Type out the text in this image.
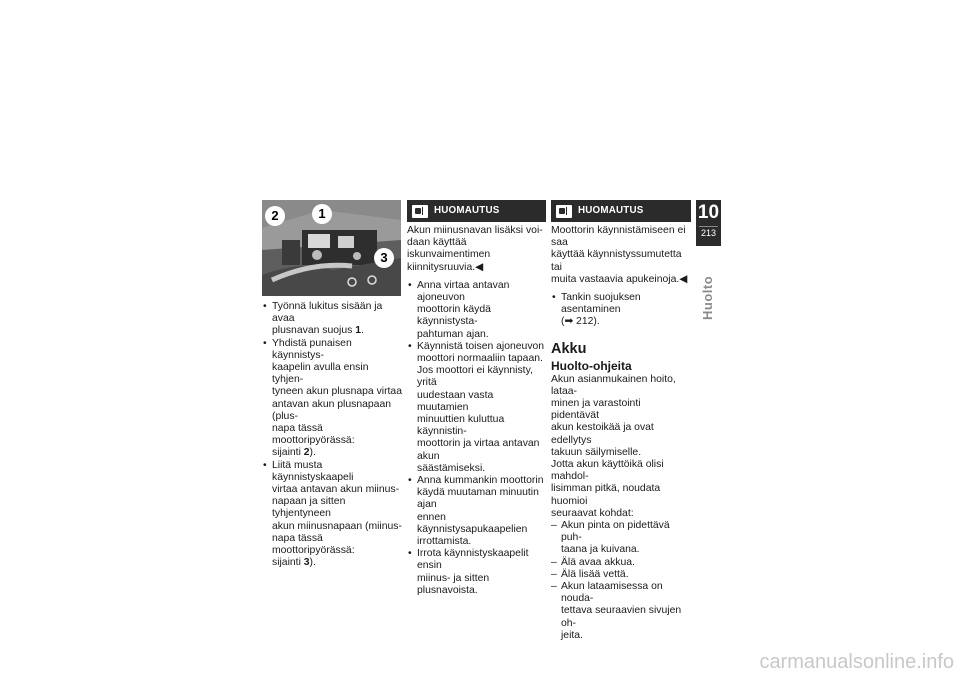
2	1
3
• Työnnä lukitus sisään ja avaa
plusnavan suojus 1.
• Yhdistä punaisen käynnistys-
kaapelin avulla ensin tyhjen-
tyneen akun plusnapa virtaa
antavan akun plusnapaan (plus-
napa tässä moottoripyörässä:
sijainti 2).
• Liitä musta käynnistyskaapeli
virtaa antavan akun miinus-
napaan ja sitten tyhjentyneen
akun miinusnapaan (miinus-
napa tässä moottoripyörässä:
sijainti 3).
HUOMAUTUS

Akun miinusnavan lisäksi voi-
daan käyttää iskunvaimentimen
kiinnitysruuvia.◀

• Anna virtaa antavan ajoneuvon
moottorin käydä käynnistysta-
pahtuman ajan.
• Käynnistä toisen ajoneuvon
moottori normaaliin tapaan.
Jos moottori ei käynnisty, yritä
uudestaan vasta muutamien
minuuttien kuluttua käynnistin-
moottorin ja virtaa antavan akun
säästämiseksi.
• Anna kummankin moottorin
käydä muutaman minuutin ajan
ennen käynnistysapukaapelien
irrottamista.
• Irrota käynnistyskaapelit ensin
miinus- ja sitten plusnavoista.
HUOMAUTUS

Moottorin käynnistämiseen ei saa
käyttää käynnistyssumutetta tai
muita vastaavia apukeinoja.◀

• Tankin suojuksen asentaminen
(➡ 212).
Akku
Huolto-ohjeita

Akun asianmukainen hoito, lataa-
minen ja varastointi pidentävät
akun kestoikää ja ovat edellytys
takuun säilymiselle.

Jotta akun käyttöikä olisi mahdol-
lisimman pitkä, noudata huomioi
seuraavat kohdat:

– Akun pinta on pidettävä puh-
taana ja kuivana.
– Älä avaa akkua.
– Älä lisää vettä.
– Akun lataamisessa on nouda-
tettava seuraavien sivujen oh-
jeita.
10
213
Huolto
carmanualsonline.info
